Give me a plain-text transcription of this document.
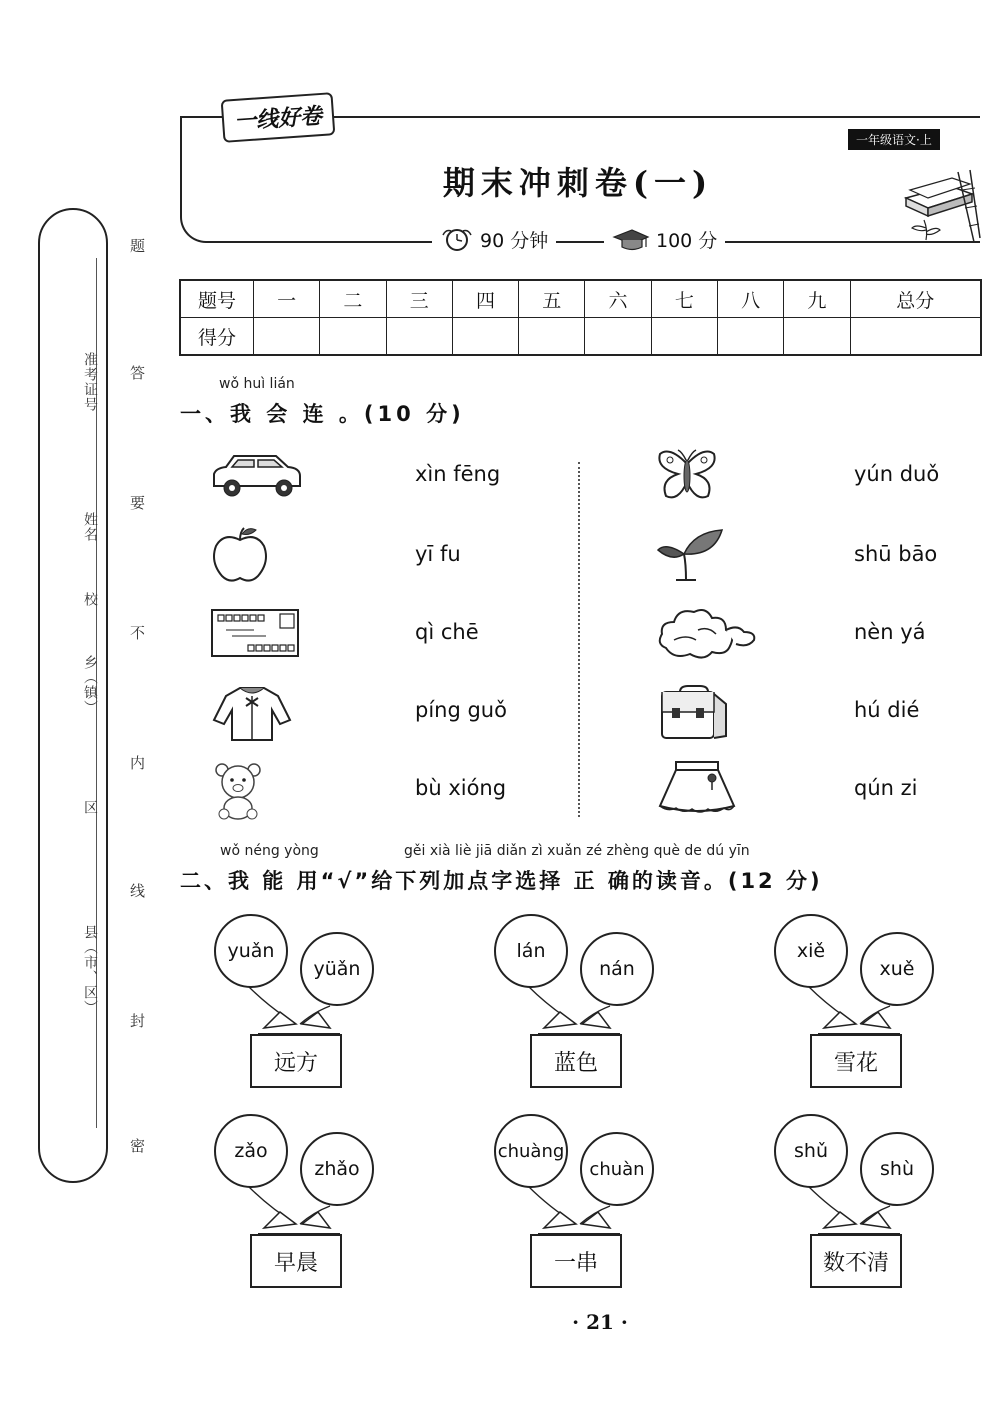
准考证号
姓名
校
乡（镇）
区
县（市、区）
题
答
要
不
内
线
封
密
一线好卷
一年级语文·上
期末冲刺卷(一)
90 分钟	100 分
题号	一	二	三	四	五	六	七	八	九	总分
得分										
wǒ huì lián
一、我 会 连 。(10 分)
xìn fēng
yī fu
qì chē
píng guǒ
bù xióng
yún duǒ
shū bāo
nèn yá
hú dié
qún zi
wǒ néng yòng	gěi xià liè jiā diǎn zì xuǎn zé zhèng què de dú yīn
二、我 能 用“√”给下列加点字选择 正 确的读音。(12 分)
yuǎn
yüǎn
远方
lán
nán
蓝色
xiě
xuě
雪花
zǎo
zhǎo
早晨
chuàng
chuàn
一串
shǔ
shù
数不清
· 21 ·
